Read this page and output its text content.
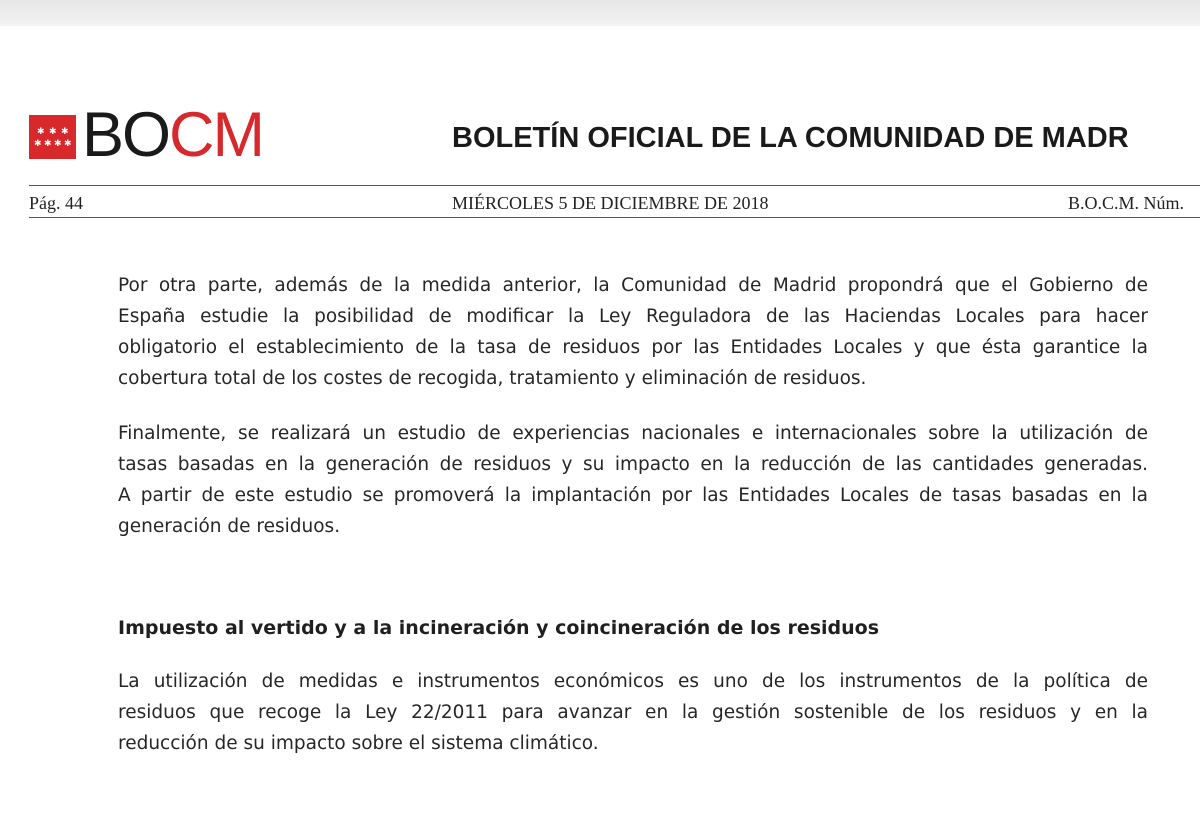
✱ ✱ ✱
✱ ✱ ✱ ✱ BOCM	BOLETÍN OFICIAL DE LA COMUNIDAD DE MADR
Pág. 44	MIÉRCOLES 5 DE DICIEMBRE DE 2018	B.O.C.M. Núm.
Por otra parte, además de la medida anterior, la Comunidad de Madrid propondrá que el Gobierno de
España estudie la posibilidad de modificar la Ley Reguladora de las Haciendas Locales para hacer
obligatorio el establecimiento de la tasa de residuos por las Entidades Locales y que ésta garantice la
cobertura total de los costes de recogida, tratamiento y eliminación de residuos.
Finalmente, se realizará un estudio de experiencias nacionales e internacionales sobre la utilización de
tasas basadas en la generación de residuos y su impacto en la reducción de las cantidades generadas.
A partir de este estudio se promoverá la implantación por las Entidades Locales de tasas basadas en la
generación de residuos.
Impuesto al vertido y a la incineración y coincineración de los residuos
La utilización de medidas e instrumentos económicos es uno de los instrumentos de la política de
residuos que recoge la Ley 22/2011 para avanzar en la gestión sostenible de los residuos y en la
reducción de su impacto sobre el sistema climático.
